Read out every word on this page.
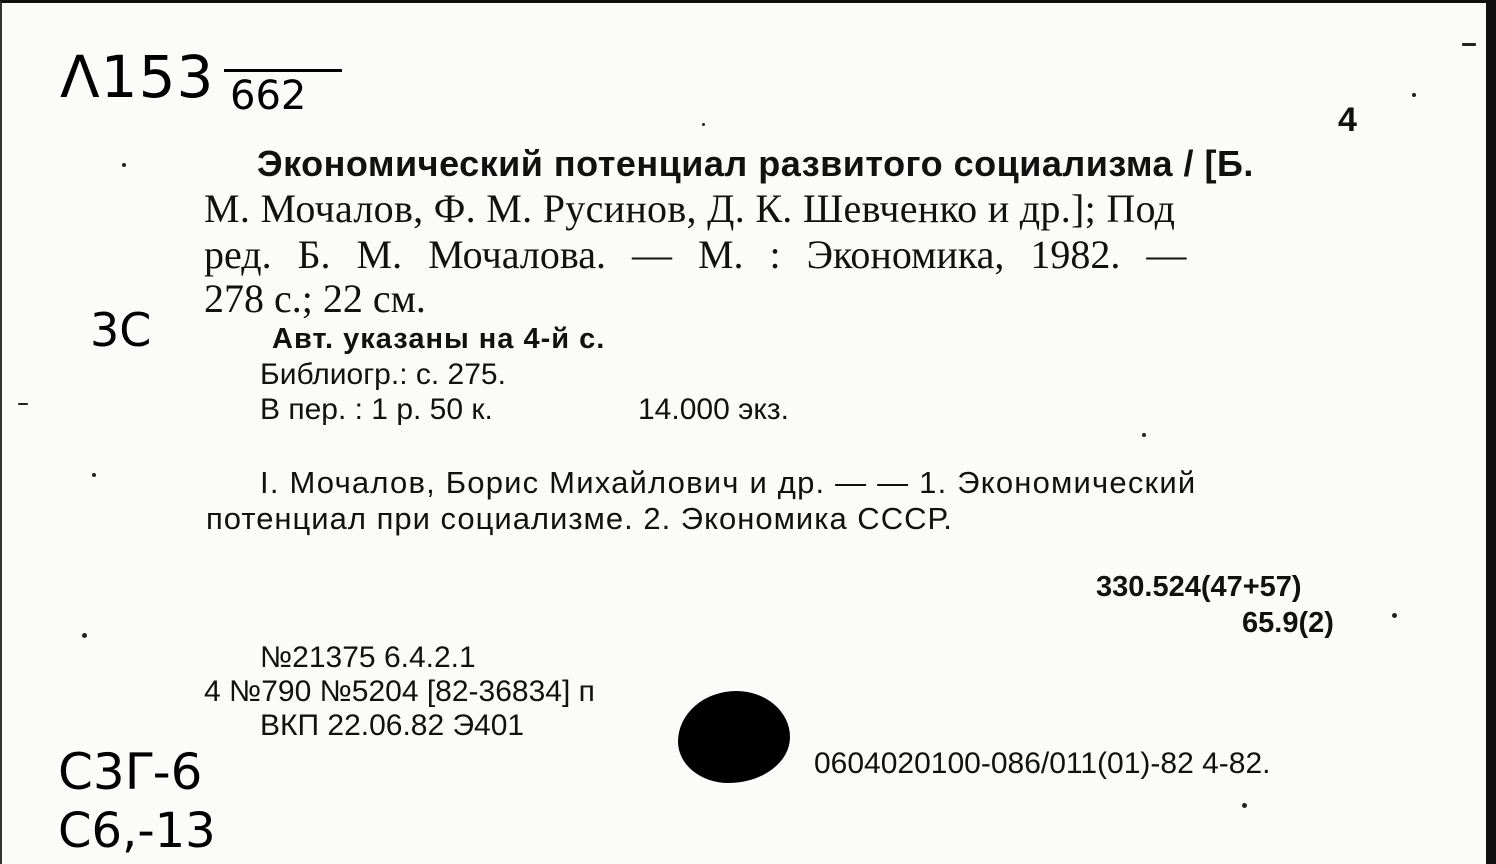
Λ153 662
4
Экономический потенциал развитого социализма / [Б.
М. Мочалов, Ф. М. Русинов, Д. К. Шевченко и др.]; Под
ред. Б. М. Мочалова. — М. : Экономика, 1982. —
278 с.; 22 см.
3C	Авт. указаны на 4-й с.
Библиогр.: с. 275.
В пер. : 1 р. 50 к.	14.000 экз.
I. Мочалов, Борис Михайлович и др. — — 1. Экономический
потенциал при социализме. 2. Экономика СССР.
330.524(47+57)
65.9(2)
№21375 6.4.2.1
4 №790 №5204 [82-36834] п
ВКП 22.06.82 Э401
0604020100-086/011(01)-82 4-82.
C3Γ-6
C6,-13
